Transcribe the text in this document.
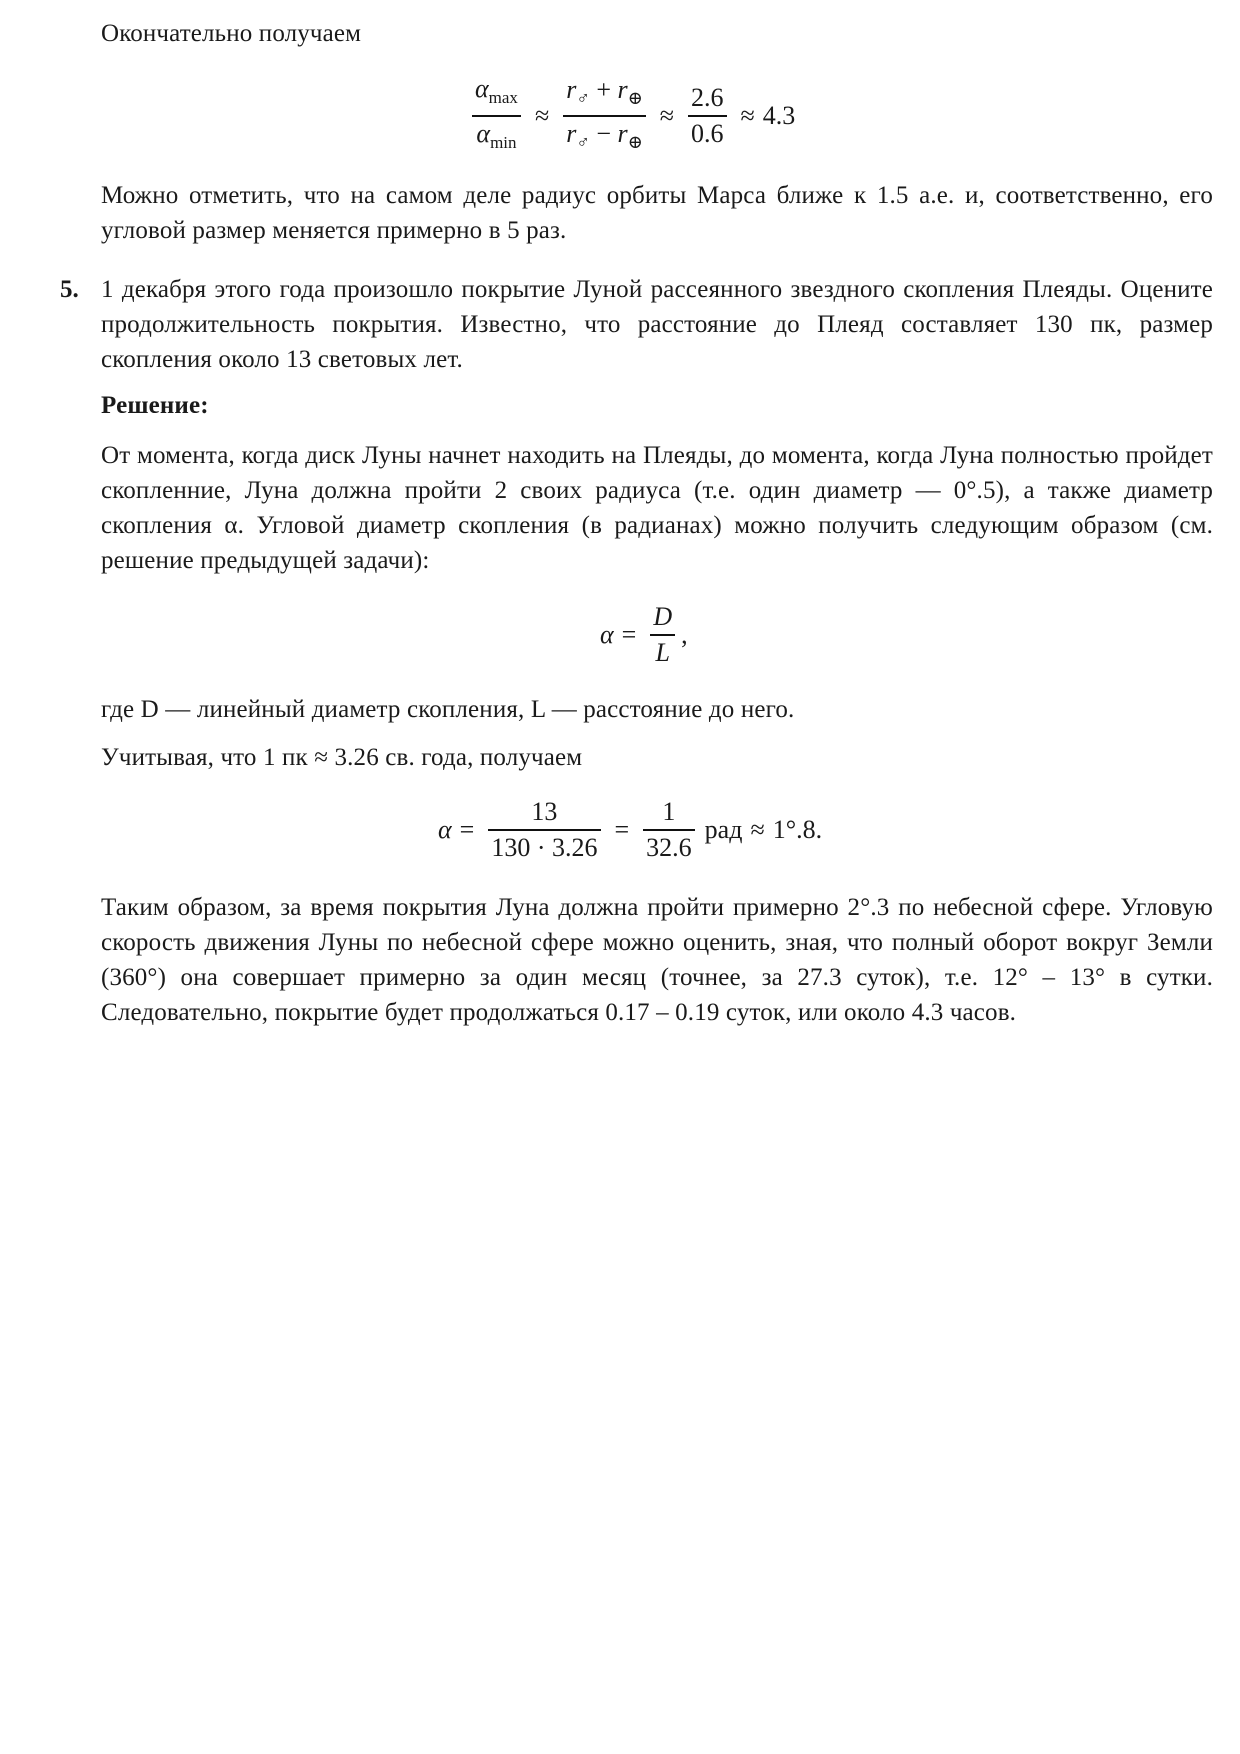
Окончательно получаем
$\frac{\alpha_{max}}{\alpha_{min}} \approx \frac{r_♂ + r_\oplus}{r_♂ - r_\oplus} \approx \frac{2.6}{0.6} \approx 4.3$
Можно отметить, что на самом деле радиус орбиты Марса ближе к 1.5 а.е. и, соответственно, его угловой размер меняется примерно в 5 раз.
5. 1 декабря этого года произошло покрытие Луной рассеянного звездного скопления Плеяды. Оцените продолжительность покрытия. Известно, что расстояние до Плеяд составляет 130 пк, размер скопления около 13 световых лет.
Решение:
От момента, когда диск Луны начнет находить на Плеяды, до момента, когда Луна полностью пройдет скопленние, Луна должна пройти 2 своих радиуса (т.е. один диаметр — 0°.5), а также диаметр скопления α. Угловой диаметр скопления (в радианах) можно получить следующим образом (см. решение предыдущей задачи):
$\alpha = \frac{D}{L}$ ,
где D — линейный диаметр скопления, L — расстояние до него.
Учитывая, что 1 пк ≈ 3.26 св. года, получаем
$\alpha = \frac{13}{130 \cdot 3.26} = \frac{1}{32.6}$ рад ≈ 1°.8.
Таким образом, за время покрытия Луна должна пройти примерно 2°.3 по небесной сфере. Угловую скорость движения Луны по небесной сфере можно оценить, зная, что полный оборот вокруг Земли (360°) она совершает примерно за один месяц (точнее, за 27.3 суток), т.е. 12° – 13° в сутки. Следовательно, покрытие будет продолжаться 0.17 – 0.19 суток, или около 4.3 часов.
